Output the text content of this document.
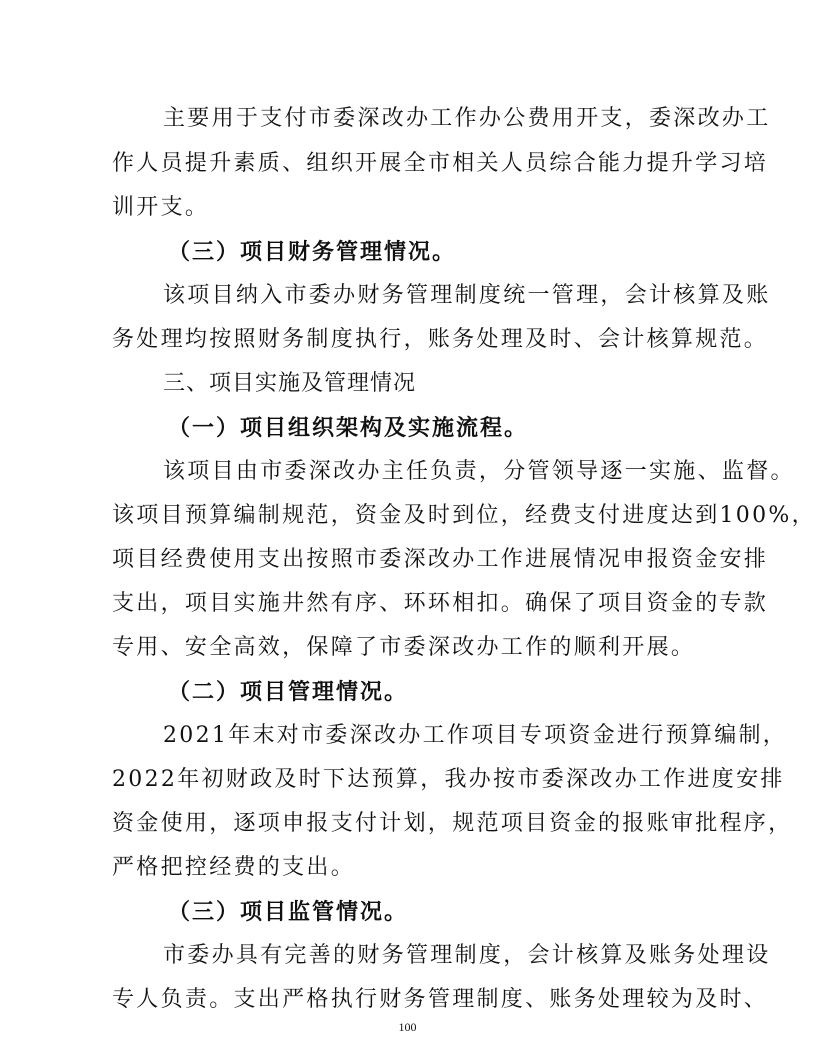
主要用于支付市委深改办工作办公费用开支，委深改办工
作人员提升素质、组织开展全市相关人员综合能力提升学习培
训开支。
（三）项目财务管理情况。
该项目纳入市委办财务管理制度统一管理，会计核算及账
务处理均按照财务制度执行，账务处理及时、会计核算规范。
三、项目实施及管理情况
（一）项目组织架构及实施流程。
该项目由市委深改办主任负责，分管领导逐一实施、监督。
该项目预算编制规范，资金及时到位，经费支付进度达到100%，
项目经费使用支出按照市委深改办工作进展情况申报资金安排
支出，项目实施井然有序、环环相扣。确保了项目资金的专款
专用、安全高效，保障了市委深改办工作的顺利开展。
（二）项目管理情况。
2021年末对市委深改办工作项目专项资金进行预算编制，
2022年初财政及时下达预算，我办按市委深改办工作进度安排
资金使用，逐项申报支付计划，规范项目资金的报账审批程序，
严格把控经费的支出。
（三）项目监管情况。
市委办具有完善的财务管理制度，会计核算及账务处理设
专人负责。支出严格执行财务管理制度、账务处理较为及时、
100
